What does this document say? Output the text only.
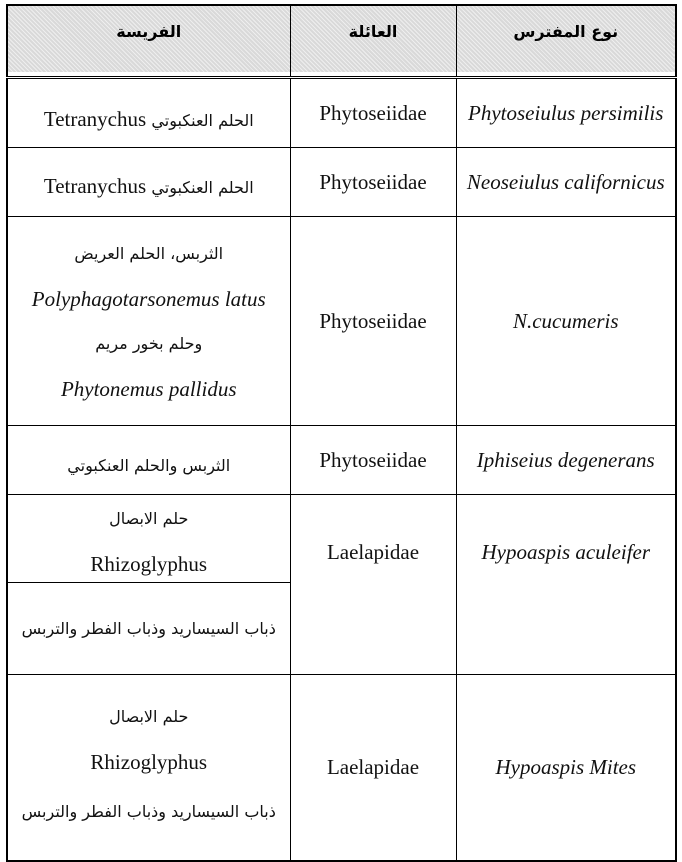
نوع المفترس	العائلة	الفريسة

Phytoseiulus persimilis	Phytoseiidae	الحلم العنكبوتي Tetranychus
Neoseiulus californicus	Phytoseiidae	الحلم العنكبوتي Tetranychus
N.cucumeris	Phytoseiidae	الثربس، الحلم العريض
Polyphagotarsonemus latus
وحلم بخور مريم
Phytonemus pallidus

Iphiseius degenerans	Phytoseiidae	الثربس والحلم العنكبوتي
Hypoaspis aculeifer	Laelapidae	حلم الابصال
Rhizoglyphus

		ذباب السيساريد وذباب الفطر والتربس

Hypoaspis Mites	Laelapidae	حلم الابصال
Rhizoglyphus
ذباب السيساريد وذباب الفطر والتربس
